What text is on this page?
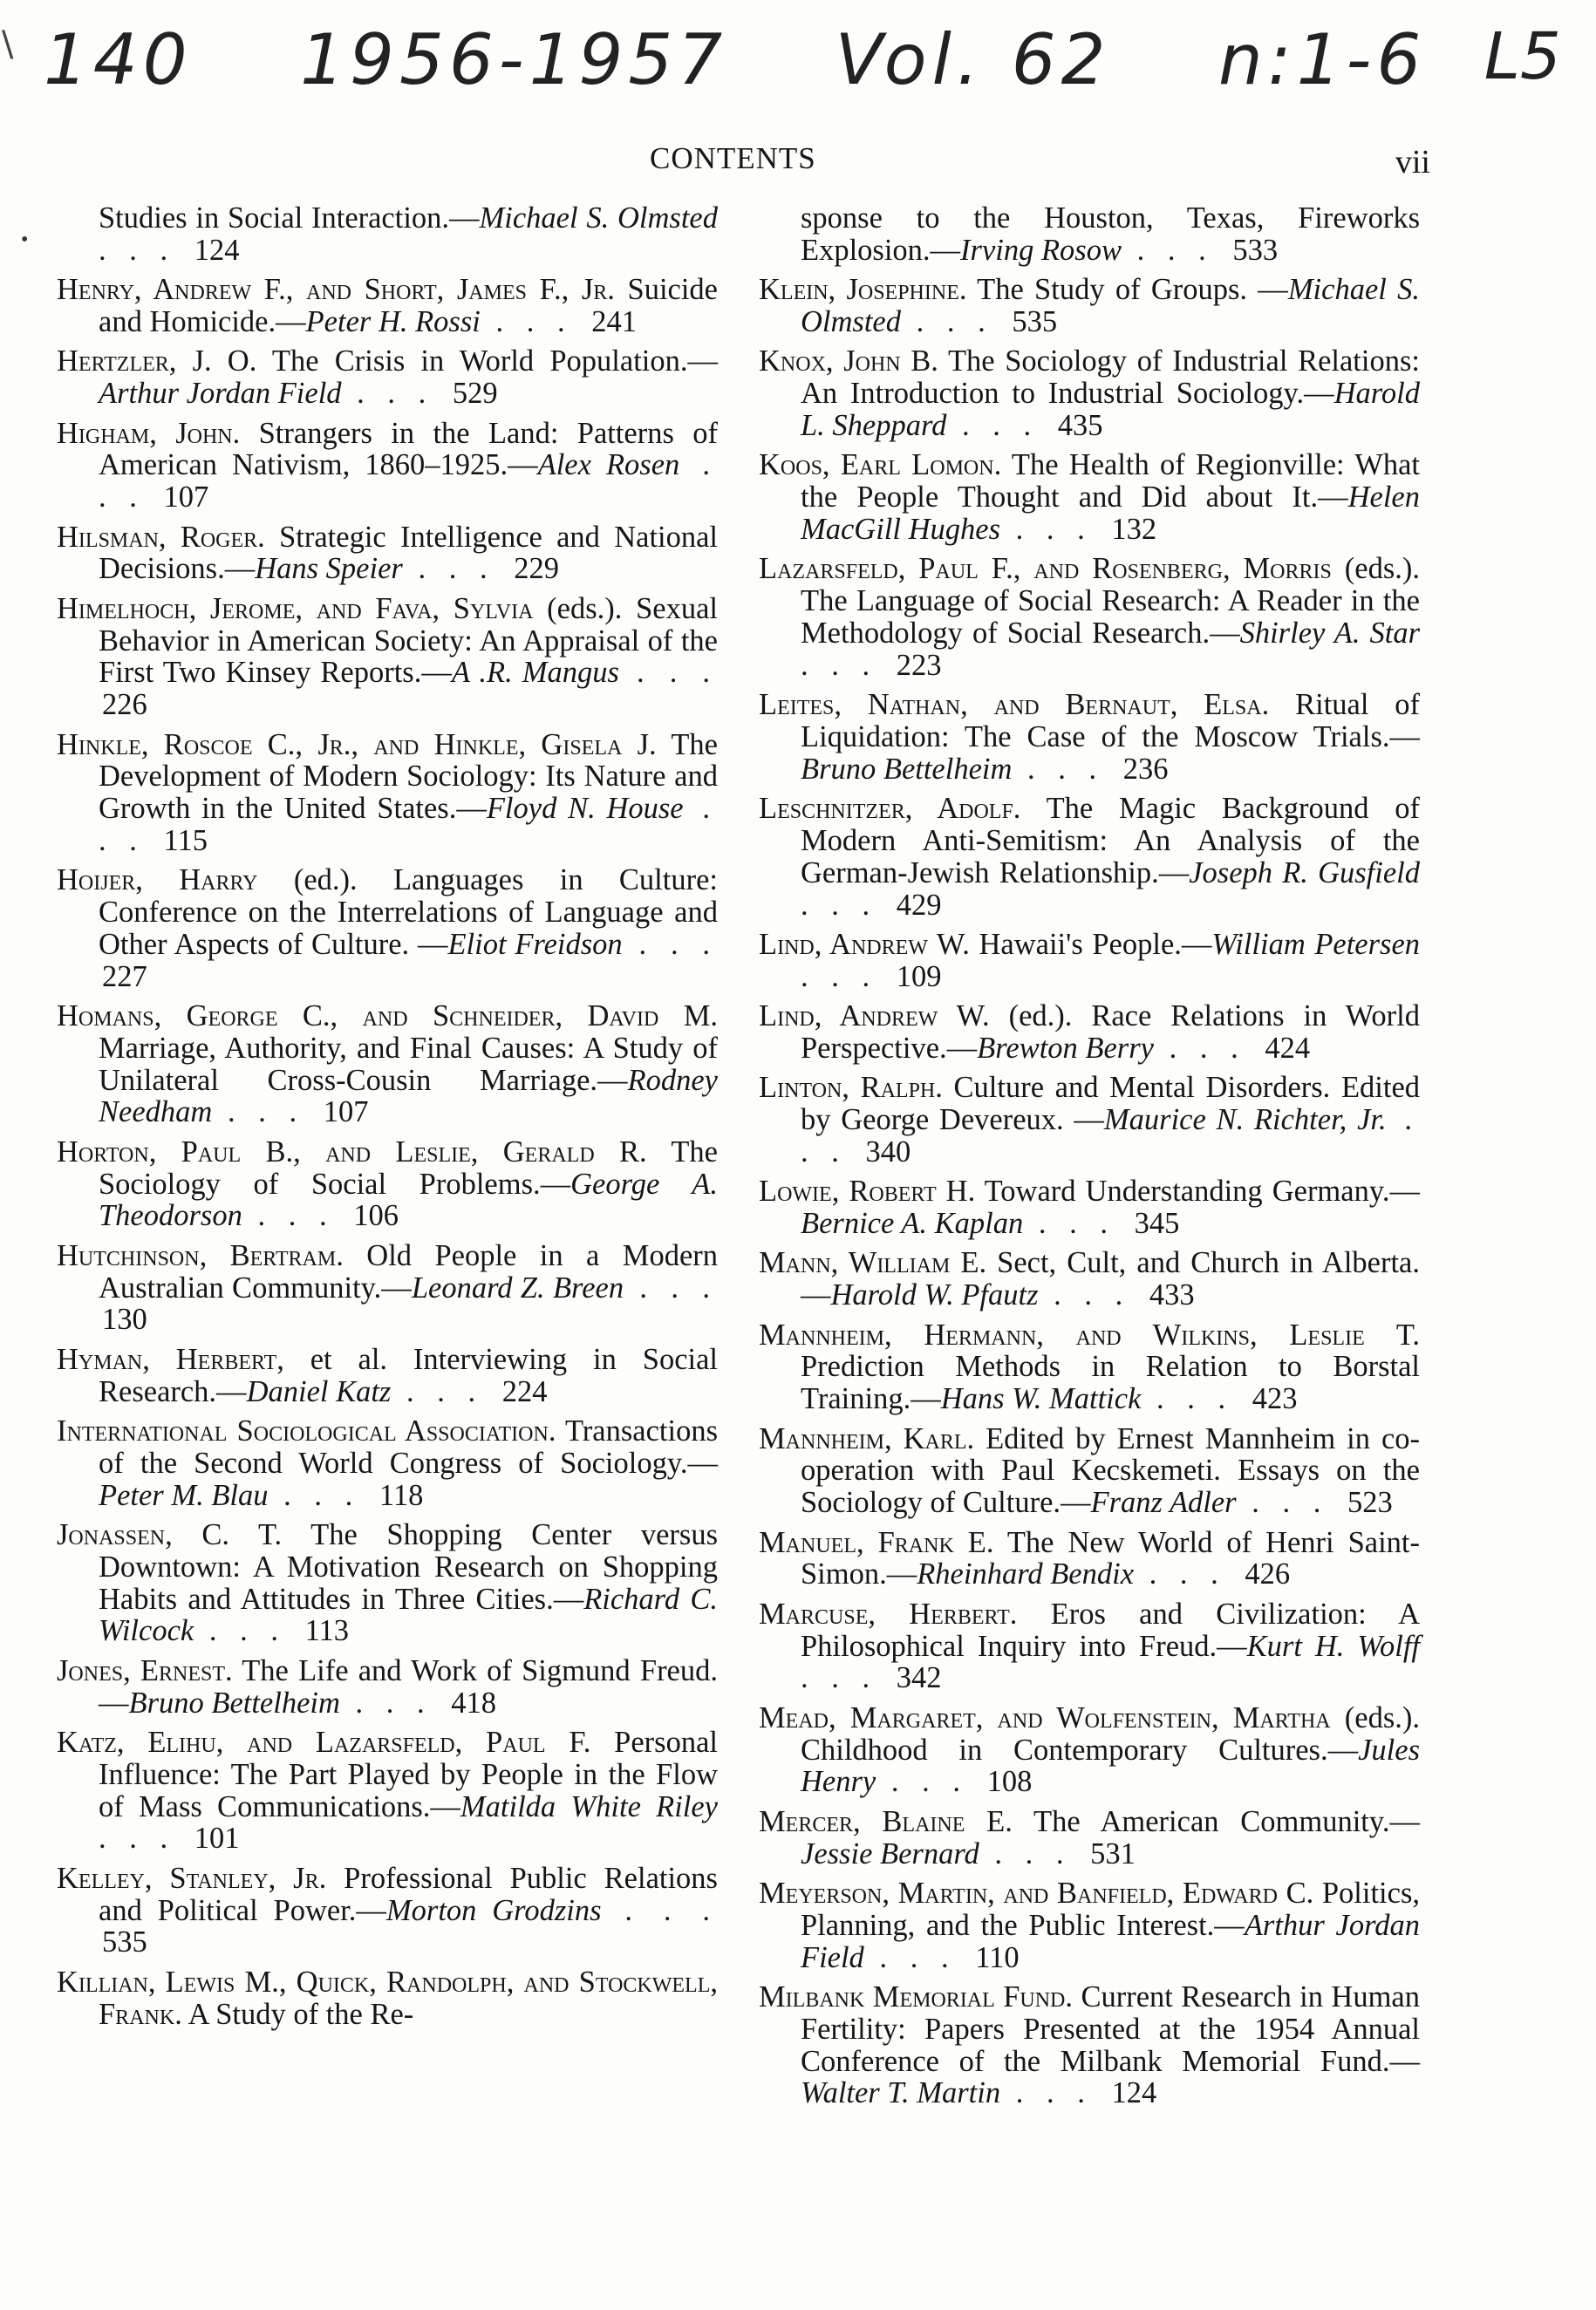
\ 140 1956-1957 Vol. 62 n:1-6 L5
CONTENTS	vii
•

Studies in Social Interaction.—Michael S. Olmsted . . . 124

Henry, Andrew F., and Short, James F., Jr. Suicide and Homicide.—Peter H. Rossi . . . 241

Hertzler, J. O. The Crisis in World Population.—Arthur Jordan Field . . . 529

Higham, John. Strangers in the Land: Patterns of American Nativism, 1860–1925.—Alex Rosen . . . 107

Hilsman, Roger. Strategic Intelligence and National Decisions.—Hans Speier . . . 229

Himelhoch, Jerome, and Fava, Sylvia (eds.). Sexual Behavior in American Society: An Appraisal of the First Two Kinsey Reports.—A .R. Mangus . . . 226

Hinkle, Roscoe C., Jr., and Hinkle, Gisela J. The Development of Modern Sociology: Its Nature and Growth in the United States.—Floyd N. House . . . 115

Hoijer, Harry (ed.). Languages in Culture: Conference on the Interrelations of Language and Other Aspects of Culture. —Eliot Freidson . . . 227

Homans, George C., and Schneider, David M. Marriage, Authority, and Final Causes: A Study of Unilateral Cross-Cousin Marriage.—Rodney Needham . . . 107

Horton, Paul B., and Leslie, Gerald R. The Sociology of Social Problems.—George A. Theodorson . . . 106

Hutchinson, Bertram. Old People in a Modern Australian Community.—Leonard Z. Breen . . . 130

Hyman, Herbert, et al. Interviewing in Social Research.—Daniel Katz . . . 224

International Sociological Association. Transactions of the Second World Congress of Sociology.—Peter M. Blau . . . 118

Jonassen, C. T. The Shopping Center versus Downtown: A Motivation Research on Shopping Habits and Attitudes in Three Cities.—Richard C. Wilcock . . . 113

Jones, Ernest. The Life and Work of Sigmund Freud.—Bruno Bettelheim . . . 418

Katz, Elihu, and Lazarsfeld, Paul F. Personal Influence: The Part Played by People in the Flow of Mass Communications.—Matilda White Riley . . . 101

Kelley, Stanley, Jr. Professional Public Relations and Political Power.—Morton Grodzins . . . 535

Killian, Lewis M., Quick, Randolph, and Stockwell, Frank. A Study of the Re-

sponse to the Houston, Texas, Fireworks Explosion.—Irving Rosow . . . 533

Klein, Josephine. The Study of Groups. —Michael S. Olmsted . . . 535

Knox, John B. The Sociology of Industrial Relations: An Introduction to Industrial Sociology.—Harold L. Sheppard . . . 435

Koos, Earl Lomon. The Health of Regionville: What the People Thought and Did about It.—Helen MacGill Hughes . . . 132

Lazarsfeld, Paul F., and Rosenberg, Morris (eds.). The Language of Social Research: A Reader in the Methodology of Social Research.—Shirley A. Star . . . 223

Leites, Nathan, and Bernaut, Elsa. Ritual of Liquidation: The Case of the Moscow Trials.—Bruno Bettelheim . . . 236

Leschnitzer, Adolf. The Magic Background of Modern Anti-Semitism: An Analysis of the German-Jewish Relationship.—Joseph R. Gusfield . . . 429

Lind, Andrew W. Hawaii's People.—William Petersen . . . 109

Lind, Andrew W. (ed.). Race Relations in World Perspective.—Brewton Berry . . . 424

Linton, Ralph. Culture and Mental Disorders. Edited by George Devereux. —Maurice N. Richter, Jr. . . . 340

Lowie, Robert H. Toward Understanding Germany.—Bernice A. Kaplan . . . 345

Mann, William E. Sect, Cult, and Church in Alberta.—Harold W. Pfautz . . . 433

Mannheim, Hermann, and Wilkins, Leslie T. Prediction Methods in Relation to Borstal Training.—Hans W. Mattick . . . 423

Mannheim, Karl. Edited by Ernest Mannheim in co-operation with Paul Kecskemeti. Essays on the Sociology of Culture.—Franz Adler . . . 523

Manuel, Frank E. The New World of Henri Saint-Simon.—Rheinhard Bendix . . . 426

Marcuse, Herbert. Eros and Civilization: A Philosophical Inquiry into Freud.—Kurt H. Wolff . . . 342

Mead, Margaret, and Wolfenstein, Martha (eds.). Childhood in Contemporary Cultures.—Jules Henry . . . 108

Mercer, Blaine E. The American Community.—Jessie Bernard . . . 531

Meyerson, Martin, and Banfield, Edward C. Politics, Planning, and the Public Interest.—Arthur Jordan Field . . . 110

Milbank Memorial Fund. Current Research in Human Fertility: Papers Presented at the 1954 Annual Conference of the Milbank Memorial Fund.—Walter T. Martin . . . 124
